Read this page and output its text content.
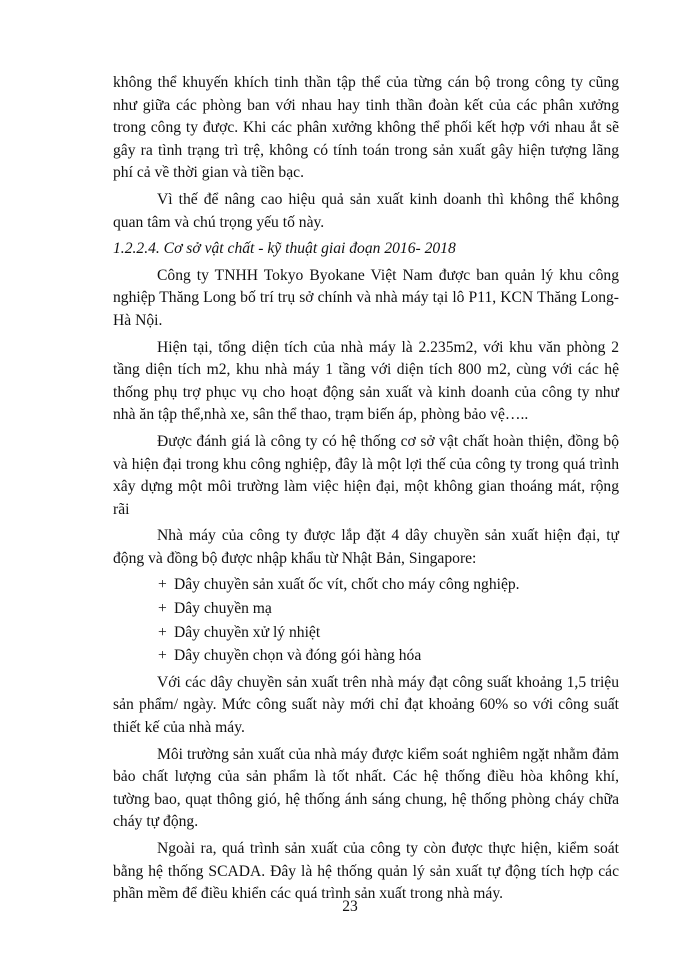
không thể khuyến khích tinh thần tập thể của từng cán bộ trong công ty cũng như giữa các phòng ban với nhau hay tinh thần đoàn kết của các phân xưởng trong công ty được. Khi các phân xưởng không thể phối kết hợp với nhau ắt sẽ gây ra tình trạng trì trệ, không có tính toán trong sản xuất gây hiện tượng lãng phí cả về thời gian và tiền bạc.

Vì thế để nâng cao hiệu quả sản xuất kinh doanh thì không thể không quan tâm và chú trọng yếu tố này.

1.2.2.4. Cơ sở vật chất - kỹ thuật giai đoạn 2016- 2018

Công ty TNHH Tokyo Byokane Việt Nam được ban quản lý khu công nghiệp Thăng Long bố trí trụ sở chính và nhà máy tại lô P11, KCN Thăng Long- Hà Nội.

Hiện tại, tổng diện tích của nhà máy là 2.235m2, với khu văn phòng 2 tầng diện tích m2, khu nhà máy 1 tầng với diện tích 800 m2, cùng với các hệ thống phụ trợ phục vụ cho hoạt động sản xuất và kinh doanh của công ty như nhà ăn tập thể,nhà xe, sân thể thao, trạm biến áp, phòng bảo vệ…..

Được đánh giá là công ty có hệ thống cơ sở vật chất hoàn thiện, đồng bộ và hiện đại trong khu công nghiệp, đây là một lợi thế của công ty trong quá trình xây dựng một môi trường làm việc hiện đại, một không gian thoáng mát, rộng rãi

Nhà máy của công ty được lắp đặt 4 dây chuyền sản xuất hiện đại, tự động và đồng bộ được nhập khẩu từ Nhật Bản, Singapore:

+ Dây chuyền sản xuất ốc vít, chốt cho máy công nghiệp.
+ Dây chuyền mạ
+ Dây chuyền xử lý nhiệt
+ Dây chuyền chọn và đóng gói hàng hóa

Với các dây chuyền sản xuất trên nhà máy đạt công suất khoảng 1,5 triệu sản phẩm/ ngày. Mức công suất này mới chỉ đạt khoảng 60% so với công suất thiết kế của nhà máy.

Môi trường sản xuất của nhà máy được kiểm soát nghiêm ngặt nhằm đảm bảo chất lượng của sản phẩm là tốt nhất. Các hệ thống điều hòa không khí, tường bao, quạt thông gió, hệ thống ánh sáng chung, hệ thống phòng cháy chữa cháy tự động.

Ngoài ra, quá trình sản xuất của công ty còn được thực hiện, kiểm soát bằng hệ thống SCADA. Đây là hệ thống quản lý sản xuất tự động tích hợp các phần mềm để điều khiển các quá trình sản xuất trong nhà máy.

23
